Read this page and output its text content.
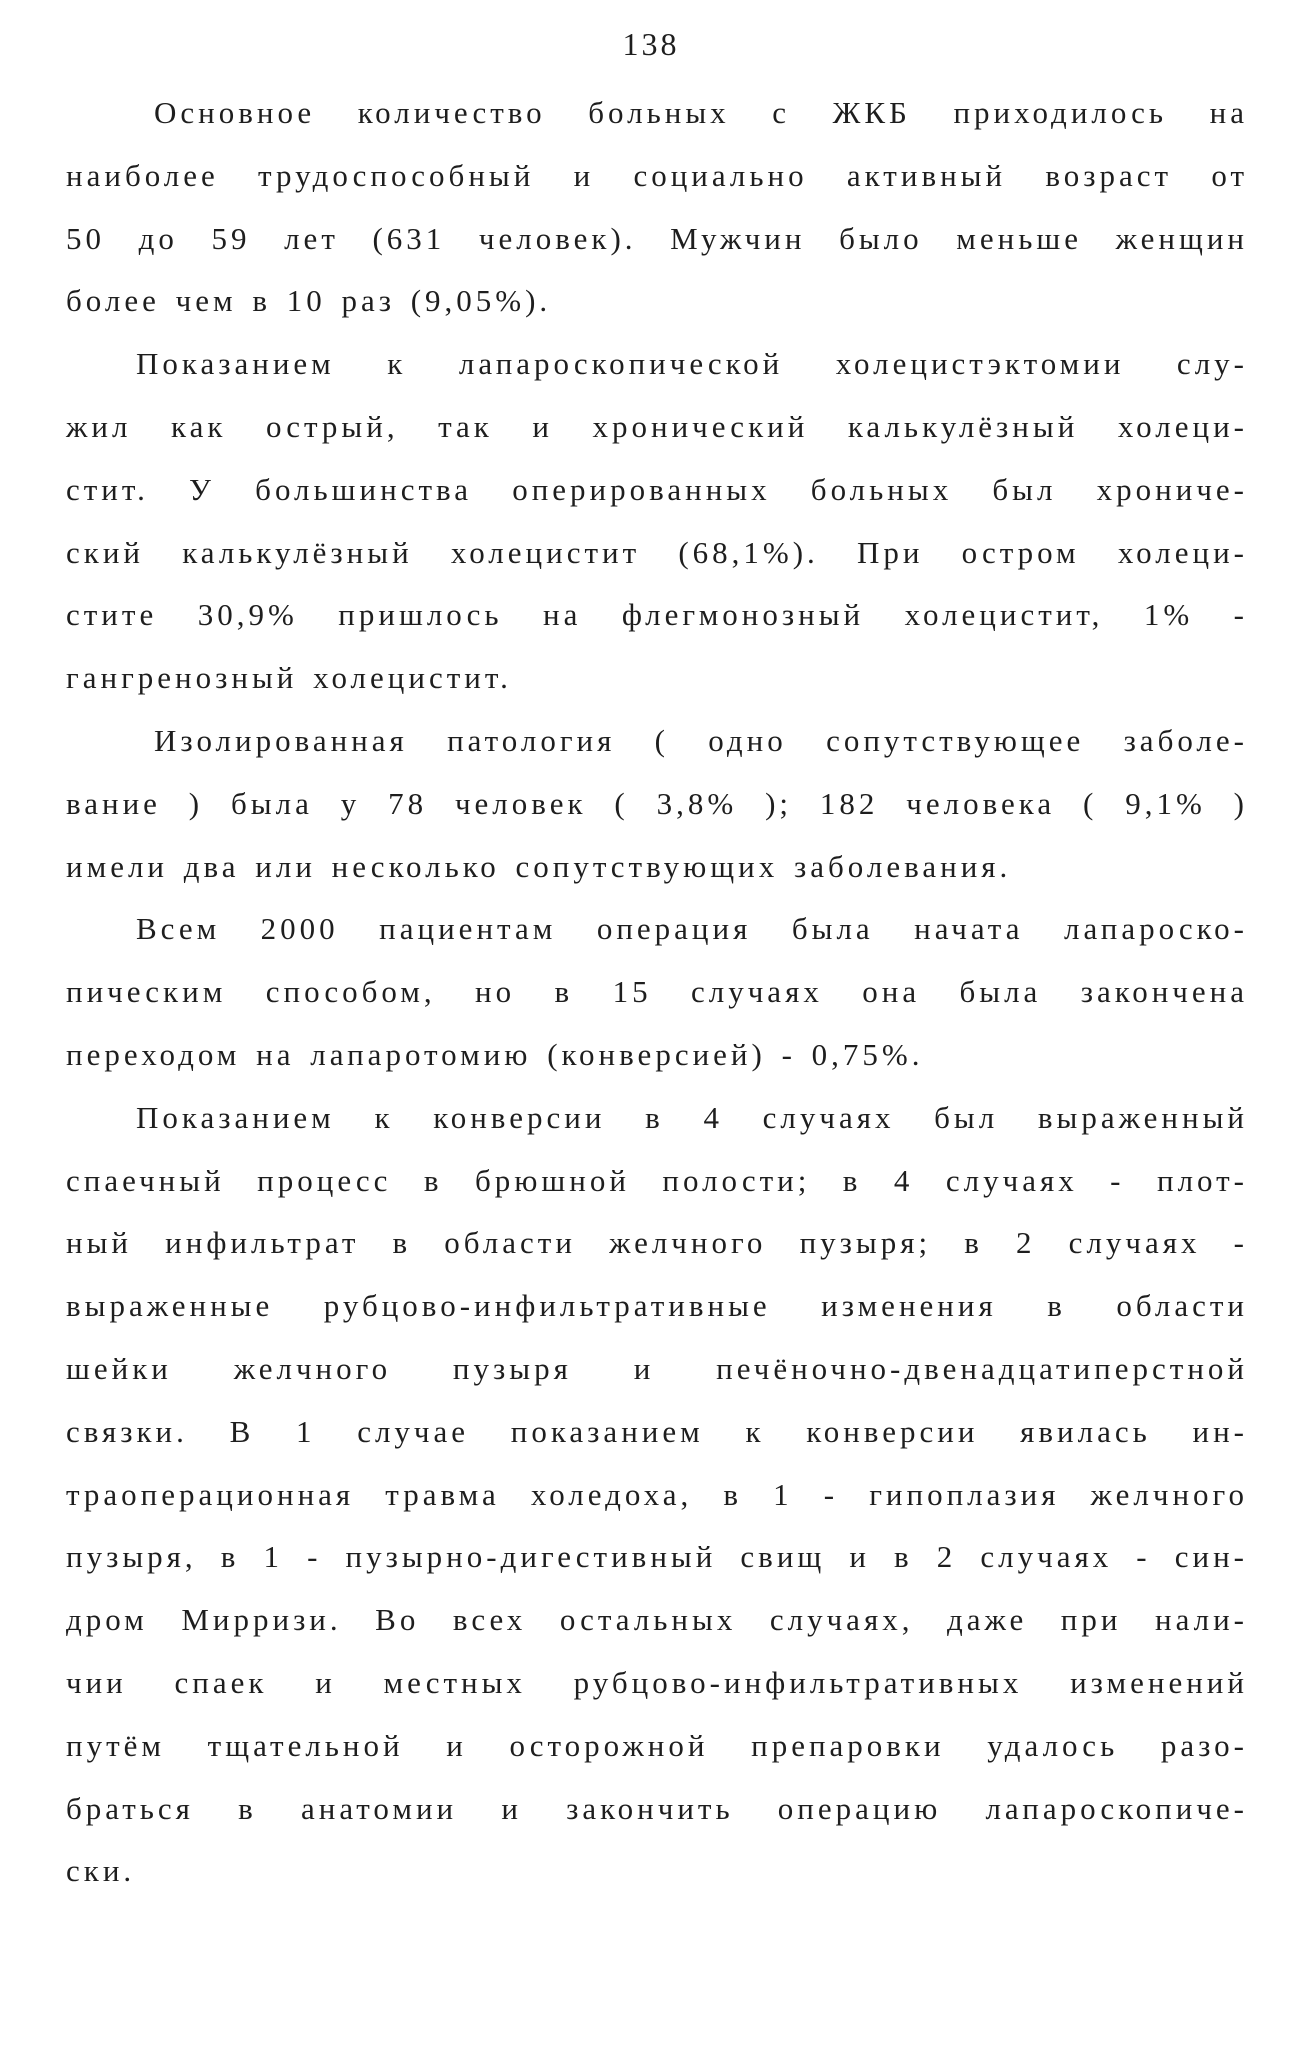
138
Основное количество больных с ЖКБ приходилось на
наиболее трудоспособный и социально активный возраст от
50 до 59 лет (631 человек). Мужчин было меньше женщин
более чем в 10 раз (9,05%).
Показанием к лапароскопической холецистэктомии слу-
жил как острый, так и хронический калькулёзный холеци-
стит. У большинства оперированных больных был хрониче-
ский калькулёзный холецистит (68,1%). При остром холеци-
стите 30,9% пришлось на флегмонозный холецистит, 1% -
гангренозный холецистит.
Изолированная патология ( одно сопутствующее заболе-
вание ) была у 78 человек ( 3,8% ); 182 человека ( 9,1% )
имели два или несколько сопутствующих заболевания.
Всем 2000 пациентам операция была начата лапароско-
пическим способом, но в 15 случаях она была закончена
переходом на лапаротомию (конверсией) - 0,75%.
Показанием к конверсии в 4 случаях был выраженный
спаечный процесс в брюшной полости; в 4 случаях - плот-
ный инфильтрат в области желчного пузыря; в 2 случаях -
выраженные рубцово-инфильтративные изменения в области
шейки желчного пузыря и печёночно-двенадцатиперстной
связки. В 1 случае показанием к конверсии явилась ин-
траоперационная травма холедоха, в 1 - гипоплазия желчного
пузыря, в 1 - пузырно-дигестивный свищ и в 2 случаях - син-
дром Мирризи. Во всех остальных случаях, даже при нали-
чии спаек и местных рубцово-инфильтративных изменений
путём тщательной и осторожной препаровки удалось разо-
браться в анатомии и закончить операцию лапароскопиче-
ски.
